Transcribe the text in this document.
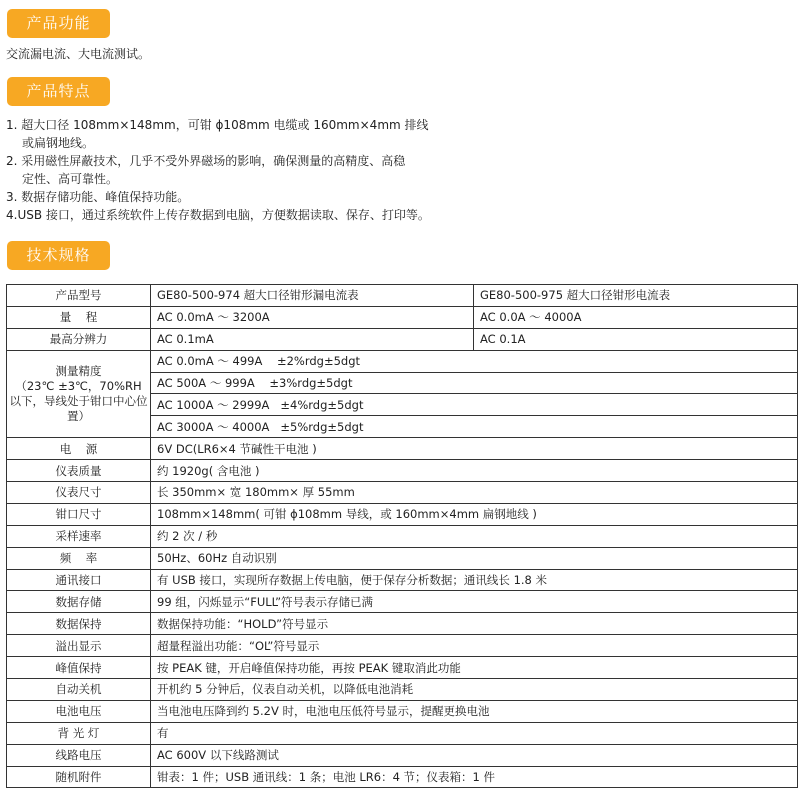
产品功能
交流漏电流、大电流测试。
产品特点
1. 超大口径 108mm×148mm，可钳 ϕ108mm 电缆或 160mm×4mm 排线
或扁钢地线。
2. 采用磁性屏蔽技术，几乎不受外界磁场的影响，确保测量的高精度、高稳
定性、高可靠性。
3. 数据存储功能、峰值保持功能。
4.USB 接口，通过系统软件上传存数据到电脑，方便数据读取、保存、打印等。
技术规格
产品型号	GE80-500-974 超大口径钳形漏电流表	GE80-500-975 超大口径钳形电流表
量    程	AC 0.0mA ～ 3200A	AC 0.0A ～ 4000A
最高分辨力	AC 0.1mA	AC 0.1A

测量精度
（23℃ ±3℃，70%RH 以下，导线处于钳口中心位置）	AC 0.0mA ～ 499A    ±2%rdg±5dgt	
	AC 500A ～ 999A    ±3%rdg±5dgt	
	AC 1000A ～ 2999A   ±4%rdg±5dgt	
	AC 3000A ～ 4000A   ±5%rdg±5dgt	
电    源	6V DC(LR6×4 节碱性干电池 )	
仪表质量	约 1920g( 含电池 )	
仪表尺寸	长 350mm× 宽 180mm× 厚 55mm	
钳口尺寸	108mm×148mm( 可钳 ϕ108mm 导线，或 160mm×4mm 扁钢地线 )	
采样速率	约 2 次 / 秒	
频    率	50Hz、60Hz 自动识别	
通讯接口	有 USB 接口，实现所存数据上传电脑，便于保存分析数据；通讯线长 1.8 米	
数据存储	99 组，闪烁显示“FULL”符号表示存储已满	
数据保持	数据保持功能：“HOLD”符号显示	
溢出显示	超量程溢出功能：“OL”符号显示	
峰值保持	按 PEAK 键，开启峰值保持功能，再按 PEAK 键取消此功能	
自动关机	开机约 5 分钟后，仪表自动关机，以降低电池消耗	
电池电压	当电池电压降到约 5.2V 时，电池电压低符号显示，提醒更换电池	
背 光 灯	有	
线路电压	AC 600V 以下线路测试	
随机附件	钳表：1 件；USB 通讯线：1 条；电池 LR6：4 节；仪表箱：1 件	
